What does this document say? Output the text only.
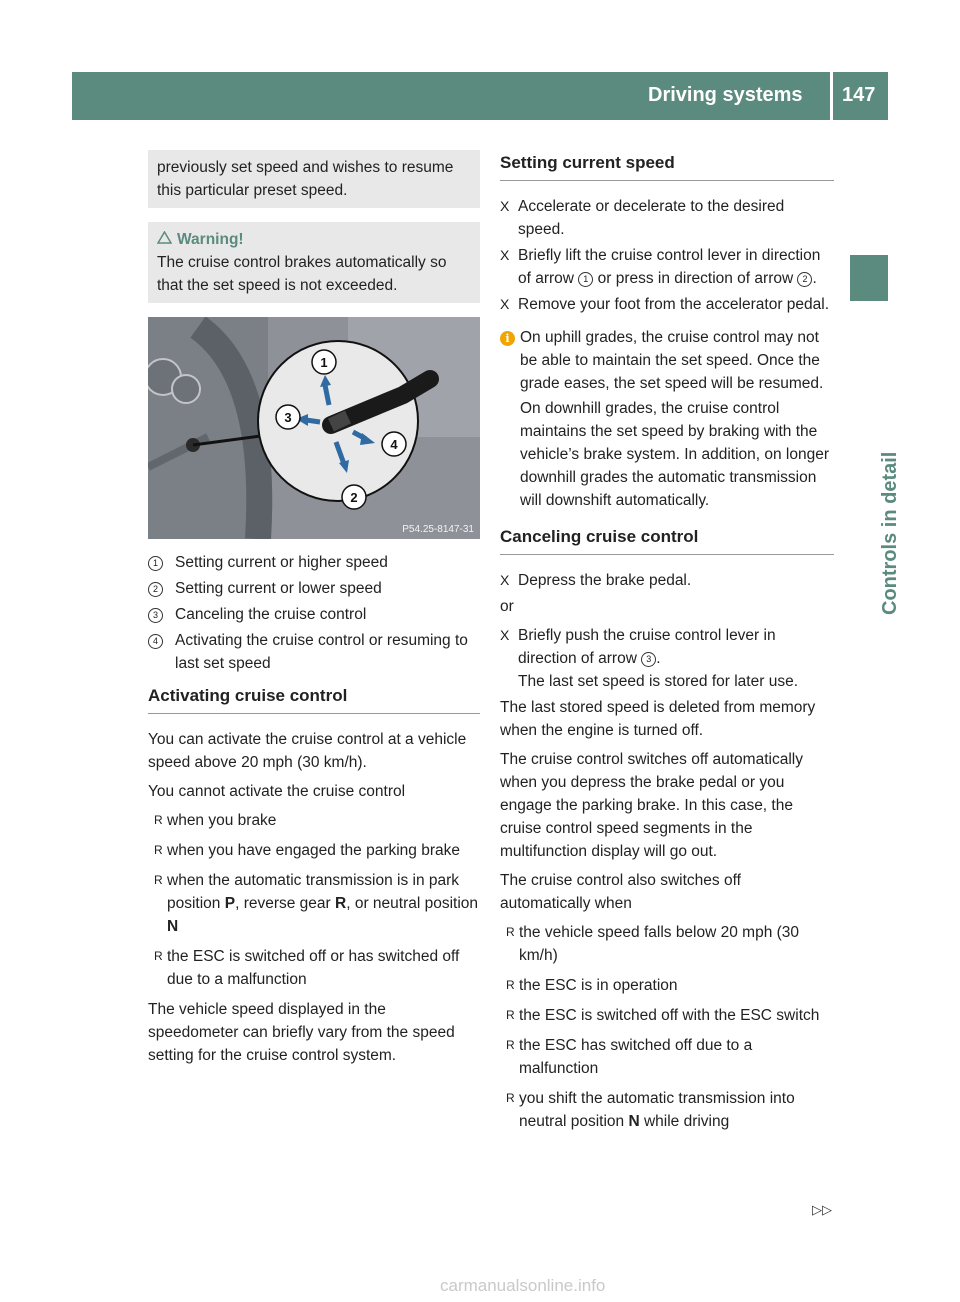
Driving systems 147
Controls in detail

previously set speed and wishes to resume this particular preset speed.

Warning!

The cruise control brakes automatically so that the set speed is not exceeded.

1
2
3
4
P54.25-8147-31
1	Setting current or higher speed
2	Setting current or lower speed
3	Canceling the cruise control
4	Activating the cruise control or resuming to last set speed
Activating cruise control

You can activate the cruise control at a vehicle speed above 20 mph (30 km/h).

You cannot activate the cruise control

R when you brake
R when you have engaged the parking brake
R when the automatic transmission is in park position P, reverse gear R, or neutral position N
R the ESC is switched off or has switched off due to a malfunction

The vehicle speed displayed in the speedometer can briefly vary from the speed setting for the cruise control system.

Setting current speed
X Accelerate or decelerate to the desired speed.
X Briefly lift the cruise control lever in direction of arrow 1 or press in direction of arrow 2 .
X Remove your foot from the accelerator pedal.
i On uphill grades, the cruise control may not be able to maintain the set speed. Once the grade eases, the set speed will be resumed.
On downhill grades, the cruise control maintains the set speed by braking with the vehicle’s brake system. In addition, on longer downhill grades the automatic transmission will downshift automatically.
Canceling cruise control
X Depress the brake pedal.

or

X Briefly push the cruise control lever in direction of arrow 3 .
The last set speed is stored for later use.

The last stored speed is deleted from memory when the engine is turned off.

The cruise control switches off automatically when you depress the brake pedal or you engage the parking brake. In this case, the cruise control speed segments in the multifunction display will go out.

The cruise control also switches off automatically when

R the vehicle speed falls below 20 mph (30 km/h)
R the ESC is in operation
R the ESC is switched off with the ESC switch
R the ESC has switched off due to a malfunction
R you shift the automatic transmission into neutral position N while driving
▷▷
carmanualsonline.info
